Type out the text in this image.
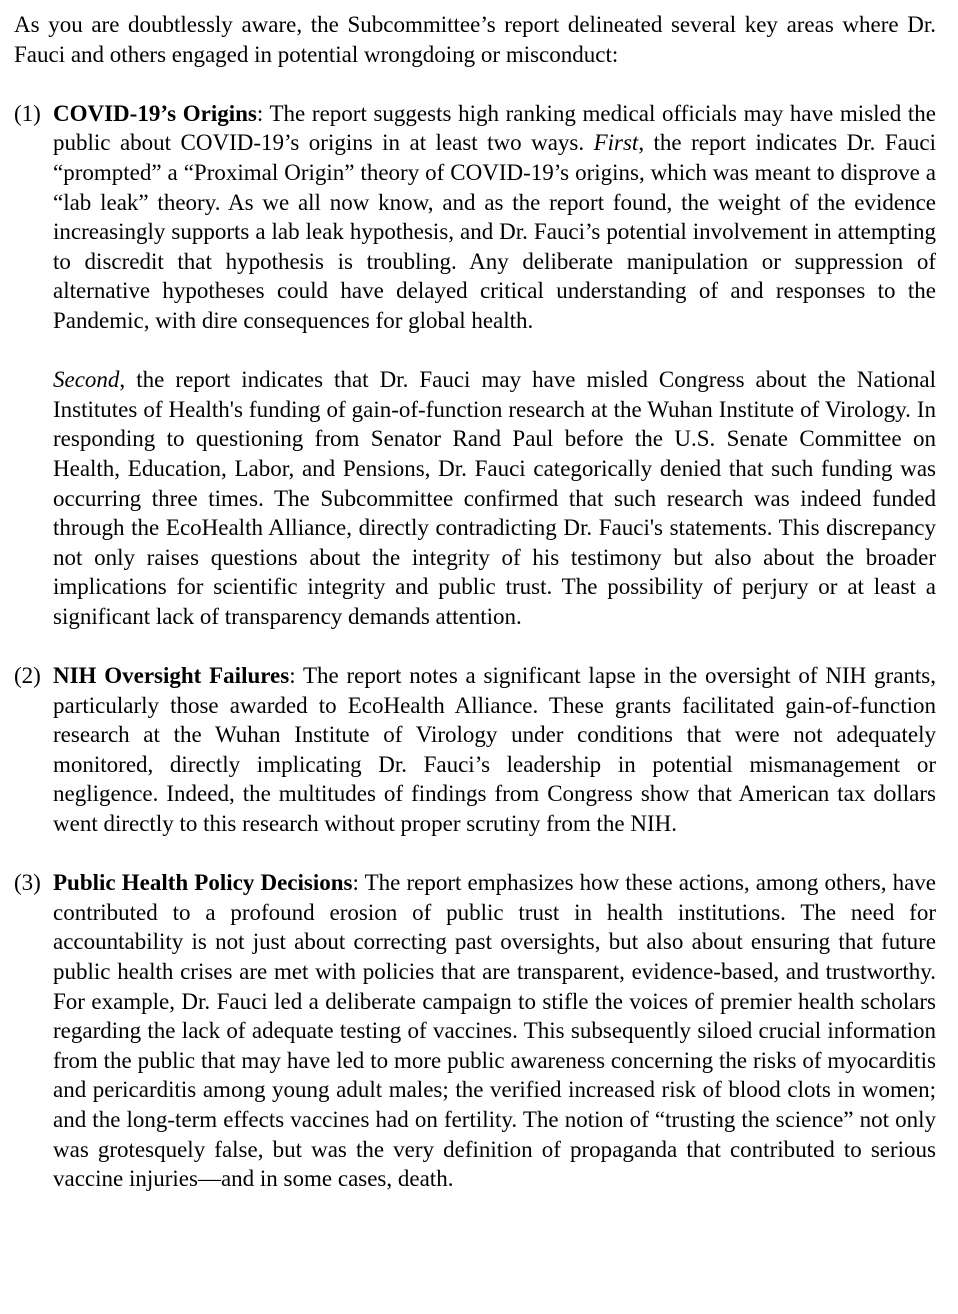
As you are doubtlessly aware, the Subcommittee’s report delineated several key areas where Dr. Fauci and others engaged in potential wrongdoing or misconduct:

(1) COVID-19’s Origins: The report suggests high ranking medical officials may have misled the public about COVID-19’s origins in at least two ways. First, the report indicates Dr. Fauci “prompted” a “Proximal Origin” theory of COVID-19’s origins, which was meant to disprove a “lab leak” theory. As we all now know, and as the report found, the weight of the evidence increasingly supports a lab leak hypothesis, and Dr. Fauci’s potential involvement in attempting to discredit that hypothesis is troubling. Any deliberate manipulation or suppression of alternative hypotheses could have delayed critical understanding of and responses to the Pandemic, with dire consequences for global health.

Second, the report indicates that Dr. Fauci may have misled Congress about the National Institutes of Health's funding of gain-of-function research at the Wuhan Institute of Virology. In responding to questioning from Senator Rand Paul before the U.S. Senate Committee on Health, Education, Labor, and Pensions, Dr. Fauci categorically denied that such funding was occurring three times. The Subcommittee confirmed that such research was indeed funded through the EcoHealth Alliance, directly contradicting Dr. Fauci's statements. This discrepancy not only raises questions about the integrity of his testimony but also about the broader implications for scientific integrity and public trust. The possibility of perjury or at least a significant lack of transparency demands attention.

(2) NIH Oversight Failures: The report notes a significant lapse in the oversight of NIH grants, particularly those awarded to EcoHealth Alliance. These grants facilitated gain-of-function research at the Wuhan Institute of Virology under conditions that were not adequately monitored, directly implicating Dr. Fauci’s leadership in potential mismanagement or negligence. Indeed, the multitudes of findings from Congress show that American tax dollars went directly to this research without proper scrutiny from the NIH.

(3) Public Health Policy Decisions: The report emphasizes how these actions, among others, have contributed to a profound erosion of public trust in health institutions. The need for accountability is not just about correcting past oversights, but also about ensuring that future public health crises are met with policies that are transparent, evidence-based, and trustworthy. For example, Dr. Fauci led a deliberate campaign to stifle the voices of premier health scholars regarding the lack of adequate testing of vaccines. This subsequently siloed crucial information from the public that may have led to more public awareness concerning the risks of myocarditis and pericarditis among young adult males; the verified increased risk of blood clots in women; and the long-term effects vaccines had on fertility. The notion of “trusting the science” not only was grotesquely false, but was the very definition of propaganda that contributed to serious vaccine injuries—and in some cases, death.
